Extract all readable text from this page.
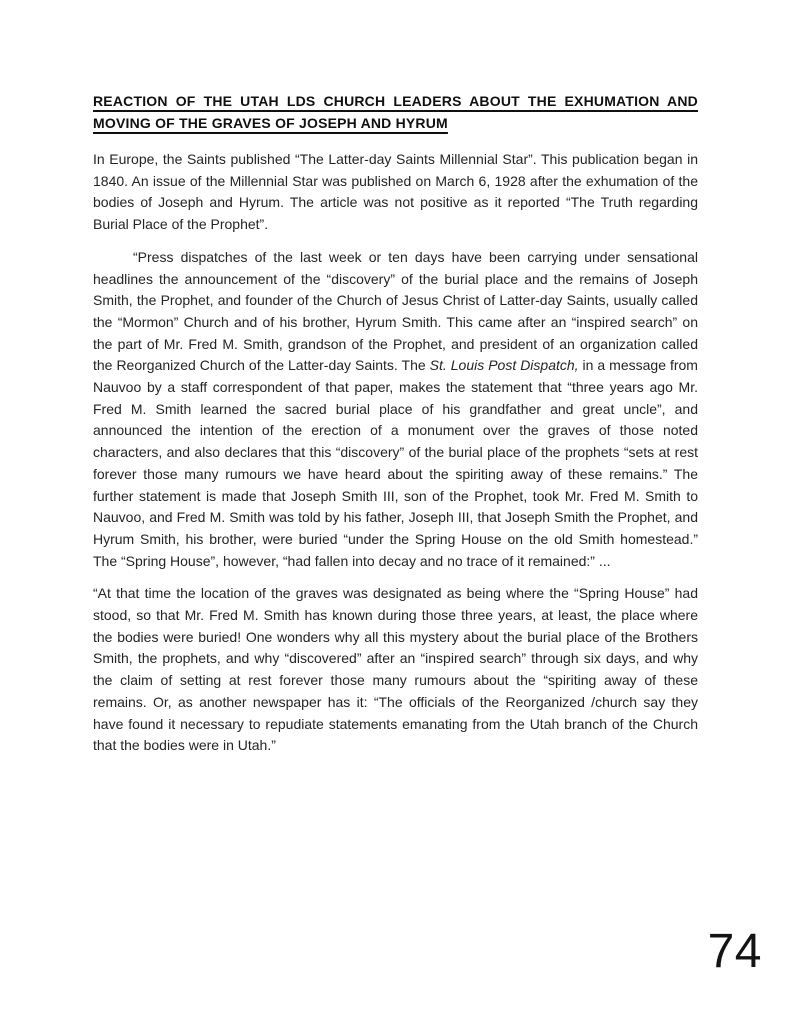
REACTION OF THE UTAH LDS CHURCH LEADERS ABOUT THE EXHUMATION AND
MOVING OF THE GRAVES OF JOSEPH AND HYRUM

In Europe, the Saints published “The Latter-day Saints Millennial Star”. This publication began in 1840. An issue of the Millennial Star was published on March 6, 1928 after the exhumation of the bodies of Joseph and Hyrum. The article was not positive as it reported “The Truth regarding Burial Place of the Prophet”.

“Press dispatches of the last week or ten days have been carrying under sensational headlines the announcement of the “discovery” of the burial place and the remains of Joseph Smith, the Prophet, and founder of the Church of Jesus Christ of Latter-day Saints, usually called the “Mormon” Church and of his brother, Hyrum Smith. This came after an “inspired search” on the part of Mr. Fred M. Smith, grandson of the Prophet, and president of an organization called the Reorganized Church of the Latter-day Saints. The St. Louis Post Dispatch, in a message from Nauvoo by a staff correspondent of that paper, makes the statement that “three years ago Mr. Fred M. Smith learned the sacred burial place of his grandfather and great uncle”, and announced the intention of the erection of a monument over the graves of those noted characters, and also declares that this “discovery” of the burial place of the prophets “sets at rest forever those many rumours we have heard about the spiriting away of these remains.” The further statement is made that Joseph Smith III, son of the Prophet, took Mr. Fred M. Smith to Nauvoo, and Fred M. Smith was told by his father, Joseph III, that Joseph Smith the Prophet, and Hyrum Smith, his brother, were buried “under the Spring House on the old Smith homestead.” The “Spring House”, however, “had fallen into decay and no trace of it remained:” ...

“At that time the location of the graves was designated as being where the “Spring House” had stood, so that Mr. Fred M. Smith has known during those three years, at least, the place where the bodies were buried! One wonders why all this mystery about the burial place of the Brothers Smith, the prophets, and why “discovered” after an “inspired search” through six days, and why the claim of setting at rest forever those many rumours about the “spiriting away of these remains. Or, as another newspaper has it: “The officials of the Reorganized /church say they have found it necessary to repudiate statements emanating from the Utah branch of the Church that the bodies were in Utah.”

74
